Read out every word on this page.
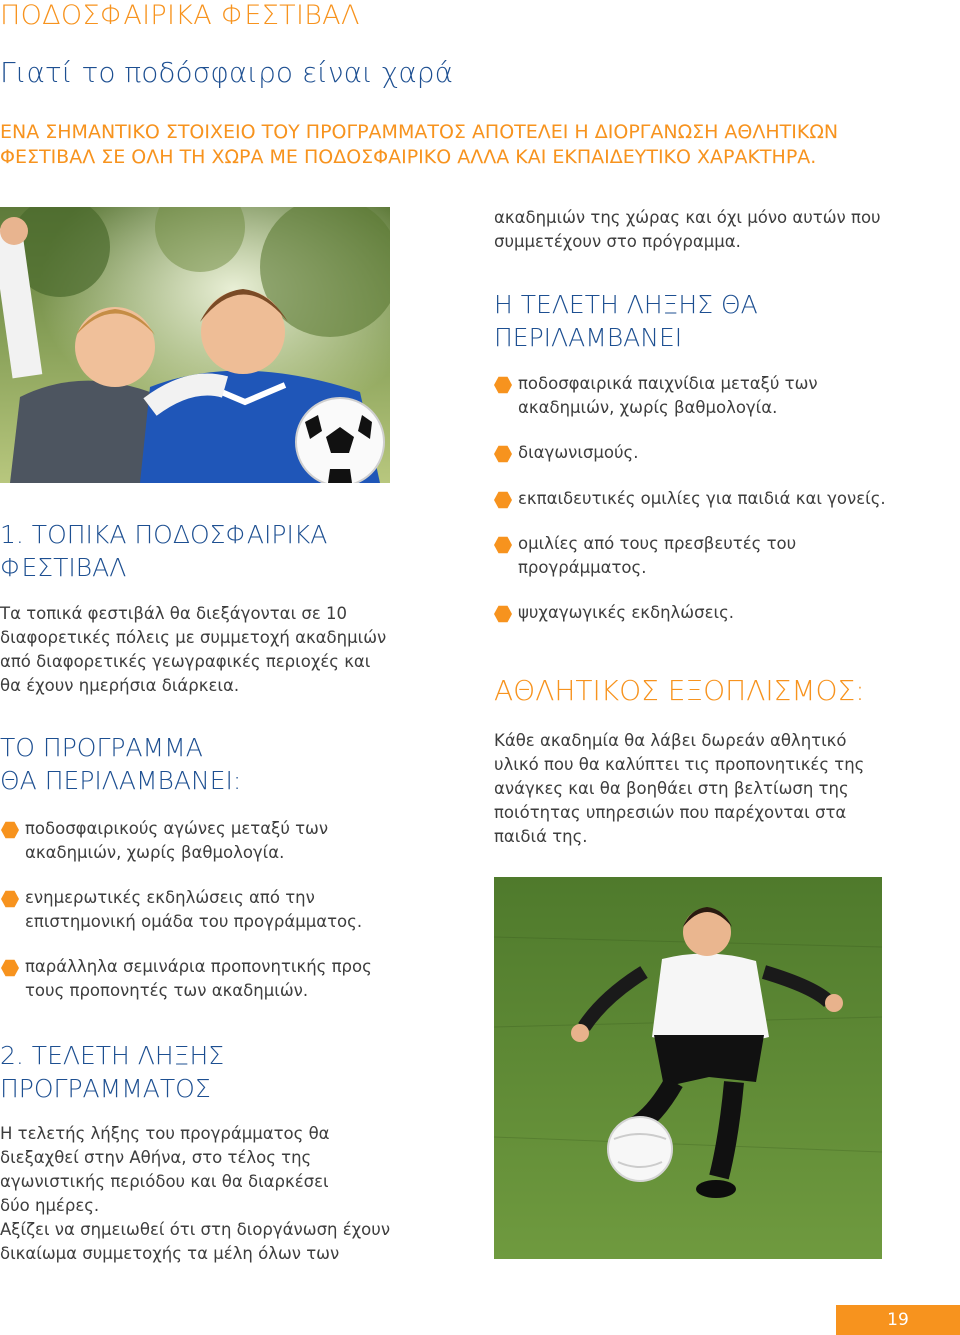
ΠΟΔΟΣΦΑΙΡΙΚΑ ΦΕΣΤΙΒΑΛ
Γιατί το ποδόσφαιρο είναι χαρά
ΕΝΑ ΣΗΜΑΝΤΙΚΟ ΣΤΟΙΧΕΙΟ ΤΟΥ ΠΡΟΓΡΑΜΜΑΤΟΣ ΑΠΟΤΕΛΕΙ Η ΔΙΟΡΓΑΝΩΣΗ ΑΘΛΗΤΙΚΩΝ
ΦΕΣΤΙΒΑΛ ΣΕ ΟΛΗ ΤΗ ΧΩΡΑ ΜΕ ΠΟΔΟΣΦΑΙΡΙΚΟ ΑΛΛΑ ΚΑΙ ΕΚΠΑΙΔΕΥΤΙΚΟ ΧΑΡΑΚΤΗΡΑ.
1. ΤΟΠΙΚΑ ΠΟΔΟΣΦΑΙΡΙΚΑ
ΦΕΣΤΙΒΑΛ
Τα τοπικά φεστιβάλ θα διεξάγονται σε 10
διαφορετικές πόλεις με συμμετοχή ακαδημιών
από διαφορετικές γεωγραφικές περιοχές και
θα έχουν ημερήσια διάρκεια.
ΤΟ ΠΡΟΓΡΑΜΜΑ
ΘΑ ΠΕΡΙΛΑΜΒΑΝΕΙ:
ποδοσφαιρικούς αγώνες μεταξύ των
ακαδημιών, χωρίς βαθμολογία.
ενημερωτικές εκδηλώσεις από την
επιστημονική ομάδα του προγράμματος.
παράλληλα σεμινάρια προπονητικής προς
τους προπονητές των ακαδημιών.
2. ΤΕΛΕΤΗ ΛΗΞΗΣ
ΠΡΟΓΡΑΜΜΑΤΟΣ
Η τελετής λήξης του προγράμματος θα
διεξαχθεί στην Αθήνα, στο τέλος της
αγωνιστικής περιόδου και θα διαρκέσει
δύο ημέρες.
Αξίζει να σημειωθεί ότι στη διοργάνωση έχουν
δικαίωμα συμμετοχής τα μέλη όλων των
ακαδημιών της χώρας και όχι μόνο αυτών που
συμμετέχουν στο πρόγραμμα.
Η ΤΕΛΕΤΗ ΛΗΞΗΣ ΘΑ
ΠΕΡΙΛΑΜΒΑΝΕΙ
ποδοσφαιρικά παιχνίδια μεταξύ των
ακαδημιών, χωρίς βαθμολογία.
διαγωνισμούς.
εκπαιδευτικές ομιλίες για παιδιά και γονείς.
ομιλίες από τους πρεσβευτές του
προγράμματος.
ψυχαγωγικές εκδηλώσεις.
ΑΘΛΗΤΙΚΟΣ ΕΞΟΠΛΙΣΜΟΣ:
Κάθε ακαδημία θα λάβει δωρεάν αθλητικό
υλικό που θα καλύπτει τις προπονητικές της
ανάγκες και θα βοηθάει στη βελτίωση της
ποιότητας υπηρεσιών που παρέχονται στα
παιδιά της.
19
